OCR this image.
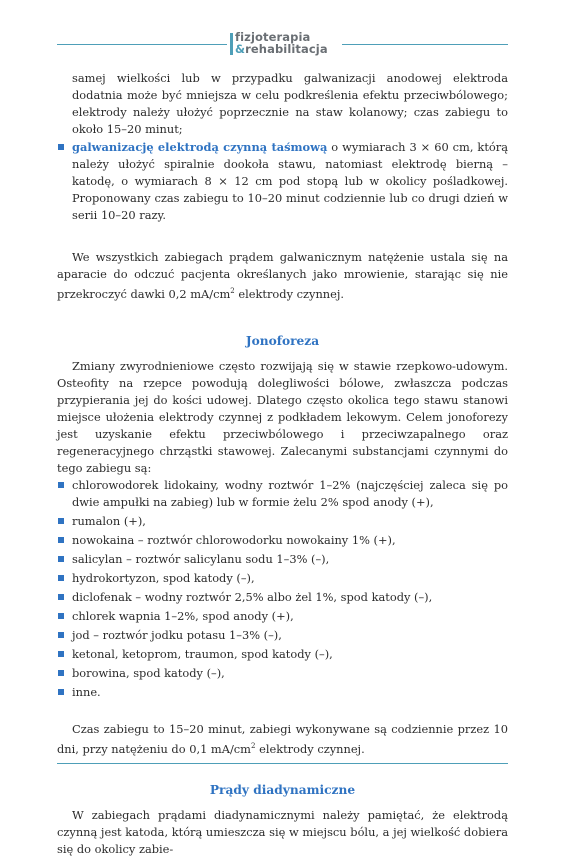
fizjoterapia
&rehabilitacja

samej wielkości lub w przypadku galwanizacji anodowej elektroda dodatnia może być mniejsza w celu podkreślenia efektu przeciwbólowego; elektrody należy ułożyć poprzecznie na staw kolanowy; czas zabiegu to około 15–20 minut;

galwanizację elektrodą czynną taśmową o wymiarach 3 × 60 cm, którą należy ułożyć spiralnie dookoła stawu, natomiast elektrodę bierną – katodę, o wymiarach 8 × 12 cm pod stopą lub w okolicy pośladkowej. Proponowany czas zabiegu to 10–20 minut codziennie lub co drugi dzień w serii 10–20 razy.

We wszystkich zabiegach prądem galwanicznym natężenie ustala się na aparacie do odczuć pacjenta określanych jako mrowienie, starając się nie przekroczyć dawki 0,2 $mA/cm^2$ elektrody czynnej.

Jonoforeza

Zmiany zwyrodnieniowe często rozwijają się w stawie rzepkowo-udowym. Osteofity na rzepce powodują dolegliwości bólowe, zwłaszcza podczas przypierania jej do kości udowej. Dlatego często okolica tego stawu stanowi miejsce ułożenia elektrody czynnej z podkładem lekowym. Celem jonoforezy jest uzyskanie efektu przeciwbólowego i przeciwzapalnego oraz regeneracyjnego chrząstki stawowej. Zalecanymi substancjami czynnymi do tego zabiegu są:

chlorowodorek lidokainy, wodny roztwór 1–2% (najczęściej zaleca się po dwie ampułki na zabieg) lub w formie żelu 2% spod anody (+),
rumalon (+),
nowokaina – roztwór chlorowodorku nowokainy 1% (+),
salicylan – roztwór salicylanu sodu 1–3% (–),
hydrokortyzon, spod katody (–),
diclofenak – wodny roztwór 2,5% albo żel 1%, spod katody (–),
chlorek wapnia 1–2%, spod anody (+),
jod – roztwór jodku potasu 1–3% (–),
ketonal, ketoprom, traumon, spod katody (–),
borowina, spod katody (–),
inne.

Czas zabiegu to 15–20 minut, zabiegi wykonywane są codziennie przez 10 dni, przy natężeniu do 0,1 $mA/cm^2$ elektrody czynnej.

Prądy diadynamiczne

W zabiegach prądami diadynamicznymi należy pamiętać, że elektrodą czynną jest katoda, którą umieszcza się w miejscu bólu, a jej wielkość dobiera się do okolicy zabie-
